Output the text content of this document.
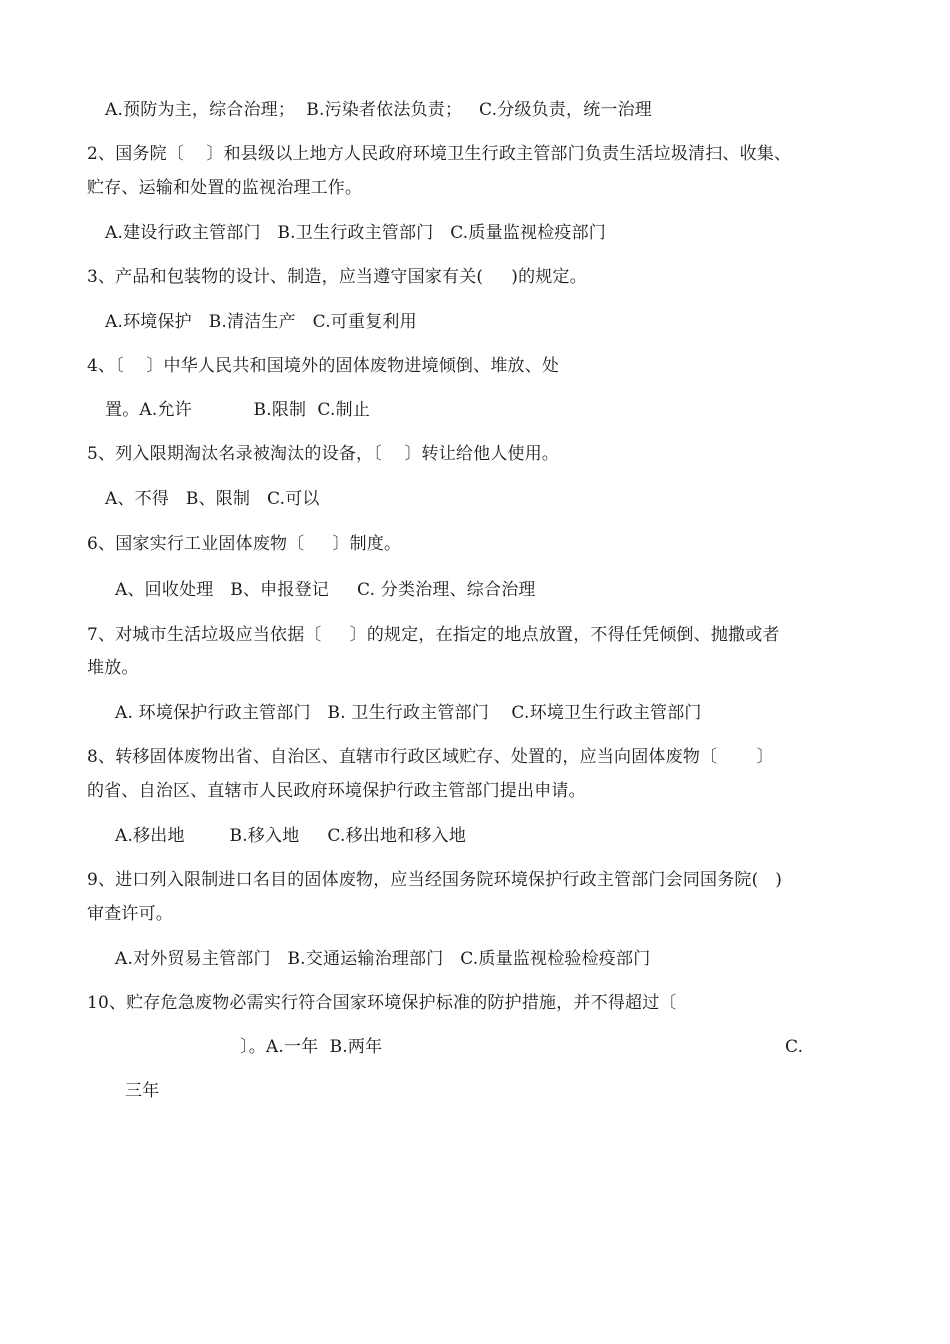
A.预防为主，综合治理；  B.污染者依法负责；   C.分级负责，统一治理
2、国务院〔    〕和县级以上地方人民政府环境卫生行政主管部门负责生活垃圾清扫、收集、
贮存、运输和处置的监视治理工作。
A.建设行政主管部门   B.卫生行政主管部门   C.质量监视检疫部门
3、产品和包装物的设计、制造，应当遵守国家有关(     )的规定。
A.环境保护   B.清洁生产   C.可重复利用
4、〔    〕中华人民共和国境外的固体废物进境倾倒、堆放、处
置。A.允许           B.限制  C.制止
5、列入限期淘汰名录被淘汰的设备，〔    〕转让给他人使用。
A、不得   B、限制   C.可以
6、国家实行工业固体废物〔     〕制度。
A、回收处理   B、申报登记     C. 分类治理、综合治理
7、对城市生活垃圾应当依据〔     〕的规定，在指定的地点放置，不得任凭倾倒、抛撒或者
堆放。
A. 环境保护行政主管部门   B. 卫生行政主管部门    C.环境卫生行政主管部门
8、转移固体废物出省、自治区、直辖市行政区域贮存、处置的，应当向固体废物〔       〕
的省、自治区、直辖市人民政府环境保护行政主管部门提出申请。
A.移出地        B.移入地     C.移出地和移入地
9、进口列入限制进口名目的固体废物，应当经国务院环境保护行政主管部门会同国务院(   )
审查许可。
A.对外贸易主管部门   B.交通运输治理部门   C.质量监视检验检疫部门
10、贮存危急废物必需实行符合国家环境保护标准的防护措施，并不得超过〔
〕。A.一年  B.两年	C.
三年
